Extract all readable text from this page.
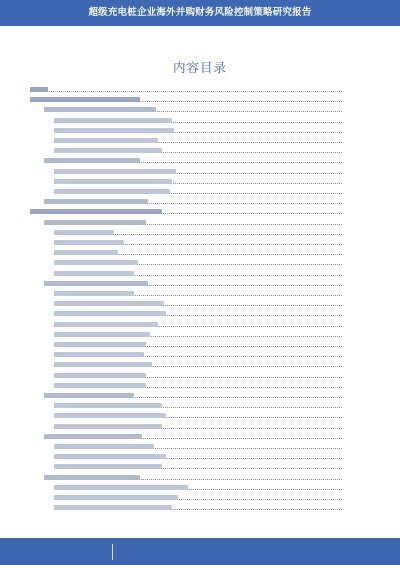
超级充电桩企业海外并购财务风险控制策略研究报告
内容目录
